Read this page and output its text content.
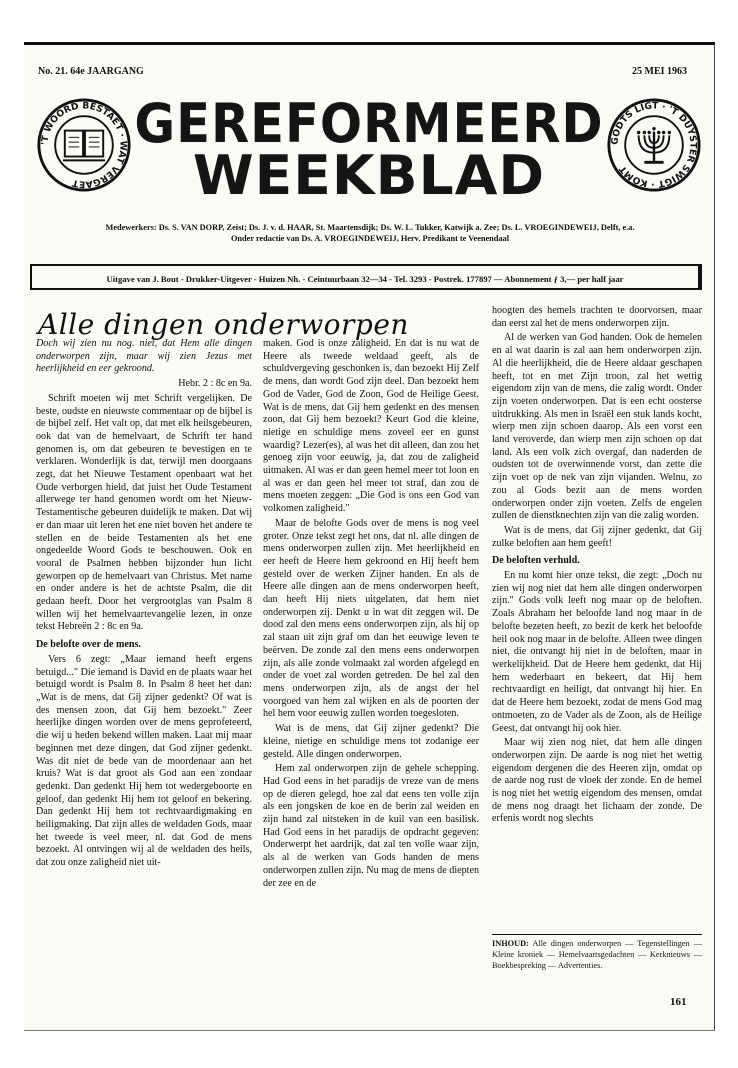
No. 21. 64e JAARGANG	25 MEI 1963
'T WOORD BESTAET · WAT VERGAET
GODTS LIGT · 'T DUYSTER SWIGT · KOMT
GEREFORMEERD
WEEKBLAD
Medewerkers: Ds. S. VAN DORP, Zeist; Ds. J. v. d. HAAR, St. Maartensdijk; Ds. W. L. Tukker, Katwijk a. Zee; Ds. L. VROEGINDEWEIJ, Delft, e.a.
Onder redactie van Ds. A. VROEGINDEWEIJ, Herv. Predikant te Veenendaal
Uitgave van J. Bout - Drukker-Uitgever - Huizen Nh. - Ceintuurbaan 32—34 - Tel. 3293 - Postrek. 177897 — Abonnement ƒ 3,— per half jaar
Alle dingen onderworpen

Doch wij zien nu nog. niet, dat Hem alle dingen onderworpen zijn, maar wij zien Jezus met heerlijkheid en eer gekroond.

Hebr. 2 : 8c en 9a.

Schrift moeten wij met Schrift vergelijken. De beste, oudste en nieuwste commentaar op de bijbel is de bijbel zelf. Het valt op, dat met elk heilsgebeuren, ook dat van de hemelvaart, de Schrift ter hand genomen is, om dat gebeuren te bevestigen en te verklaren. Wonderlijk is dat, terwijl men doorgaans zegt, dat het Nieuwe Testament openbaart wat het Oude verborgen hield, dat juist het Oude Testament allerwege ter hand genomen wordt om het Nieuw-Testamentische gebeuren duidelijk te maken. Dat wij er dan maar uit leren het ene niet boven het andere te stellen en de beide Testamenten als het ene ongedeelde Woord Gods te beschouwen. Ook en vooral de Psalmen hebben bijzonder hun licht geworpen op de hemelvaart van Christus. Met name en onder andere is het de achtste Psalm, die dit gedaan heeft. Door het vergrootglas van Psalm 8 willen wij het hemelvaartevangelie lezen, in onze tekst Hebreën 2 : 8c en 9a.

De belofte over de mens.

Vers 6 zegt: „Maar iemand heeft ergens betuigd..." Die iemand is David en de plaats waar het betuigd wordt is Psalm 8. In Psalm 8 heet het dan: „Wat is de mens, dat Gij zijner gedenkt? Of wat is des mensen zoon, dat Gij hem bezoekt." Zeer heerlijke dingen worden over de mens geprofeteerd, die wij u heden bekend willen maken. Laat mij maar beginnen met deze dingen, dat God zijner gedenkt. Was dit niet de bede van de moordenaar aan het kruis? Wat is dat groot als God aan een zondaar gedenkt. Dan gedenkt Hij hem tot wedergeboorte en geloof, dan gedenkt Hij hem tot geloof en bekering. Dan gedenkt Hij hem tot rechtvaardigmaking en heiligmaking. Dat zijn alles de weldaden Gods, maar het tweede is veel meer, nl. dat God de mens bezoekt. Al ontvingen wij al de weldaden des heils, dat zou onze zaligheid niet uit-

maken. God is onze zaligheid. En dat is nu wat de Heere als tweede weldaad geeft, als de schuldvergeving geschonken is, dan bezoekt Hij Zelf de mens, dan wordt God zijn deel. Dan bezoekt hem God de Vader, God de Zoon, God de Heilige Geest. Wat is de mens, dat Gij hem gedenkt en des mensen zoon, dat Gij hem bezoekt? Keurt God die kleine, nietige en schuldige mens zoveel eer en gunst waardig? Lezer(es), al was het dit alleen, dan zou het genoeg zijn voor eeuwig, ja, dat zou de zaligheid uitmaken. Al was er dan geen hemel meer tot loon en al was er dan geen hel meer tot straf, dan zou de mens moeten zeggen: „Die God is ons een God van volkomen zaligheid."

Maar de belofte Gods over de mens is nog veel groter. Onze tekst zegt het ons, dat nl. alle dingen de mens onderworpen zullen zijn. Met heerlijkheid en eer heeft de Heere hem gekroond en Hij heeft hem gesteld over de werken Zijner handen. En als de Heere alle dingen aan de mens onderworpen heeft, dan heeft Hij niets uitgelaten, dat hem niet onderworpen zij. Denkt u in wat dit zeggen wil. De dood zal den mens eens onderworpen zijn, als hij op zal staan uit zijn graf om dan het eeuwige leven te beërven. De zonde zal den mens eens onderworpen zijn, als alle zonde volmaakt zal worden afgelegd en onder de voet zal worden getreden. De hel zal den mens onderworpen zijn, als de angst der hel voorgoed van hem zal wijken en als de poorten der hel hem voor eeuwig zullen worden toegesloten.

Wat is de mens, dat Gij zijner gedenkt? Die kleine, nietige en schuldige mens tot zodanige eer gesteld. Alle dingen onderworpen.

Hem zal onderworpen zijn de gehele schepping. Had God eens in het paradijs de vreze van de mens op de dieren gelegd, hoe zal dat eens ten volle zijn als een jongsken de koe en de berin zal weiden en zijn hand zal uitsteken in de kuil van een basilisk. Had God eens in het paradijs de opdracht gegeven: Onderwerpt het aardrijk, dat zal ten volle waar zijn, als al de werken van Gods handen de mens onderworpen zullen zijn. Nu mag de mens de diepten der zee en de

hoogten des hemels trachten te doorvorsen, maar dan eerst zal het de mens onderworpen zijn.

Al de werken van God handen. Ook de hemelen en al wat daarin is zal aan hem onderworpen zijn. Al die heerlijkheid, die de Heere aldaar geschapen heeft, tot en met Zijn troon, zal het wettig eigendom zijn van de mens, die zalig wordt. Onder zijn voeten onderworpen. Dat is een echt oosterse uitdrukking. Als men in Israël een stuk lands kocht, wierp men zijn schoen daarop. Als een vorst een land veroverde, dan wierp men zijn schoen op dat land. Als een volk zich overgaf, dan naderden de oudsten tot de overwinnende vorst, dan zette die zijn voet op de nek van zijn vijanden. Welnu, zo zou al Gods bezit aan de mens worden onderworpen onder zijn voeten. Zelfs de engelen zullen de dienstknechten zijn van die zalig worden.

Wat is de mens, dat Gij zijner gedenkt, dat Gij zulke beloften aan hem geeft!

De beloften verhuld.

En nu komt hier onze tekst, die zegt: „Doch nu zien wij nog niet dat hem alle dingen onderworpen zijn." Gods volk leeft nog maar op de beloften. Zoals Abraham het beloofde land nog maar in de belofte bezeten heeft, zo bezit de kerk het beloofde heil ook nog maar in de belofte. Alleen twee dingen niet, die ontvangt hij niet in de beloften, maar in werkelijkheid. Dat de Heere hem gedenkt, dat Hij hem wederbaart en bekeert, dat Hij hem rechtvaardigt en heiligt, dat ontvangt hij hier. En dat de Heere hem bezoekt, zodat de mens God mag ontmoeten, zo de Vader als de Zoon, als de Heilige Geest, dat ontvangt hij ook hier.

Maar wij zien nog niet, dat hem alle dingen onderworpen zijn. De aarde is nog niet het wettig eigendom dergenen die des Heeren zijn, omdat op de aarde nog rust de vloek der zonde. En de hemel is nog niet het wettig eigendom des mensen, omdat de mens nog draagt het lichaam der zonde. De erfenis wordt nog slechts

INHOUD: Alle dingen onderworpen — Tegenstellingen — Kleine kroniek — Hemelvaartsgedachten — Kerknieuws — Boekbespreking — Advertenties.
161
